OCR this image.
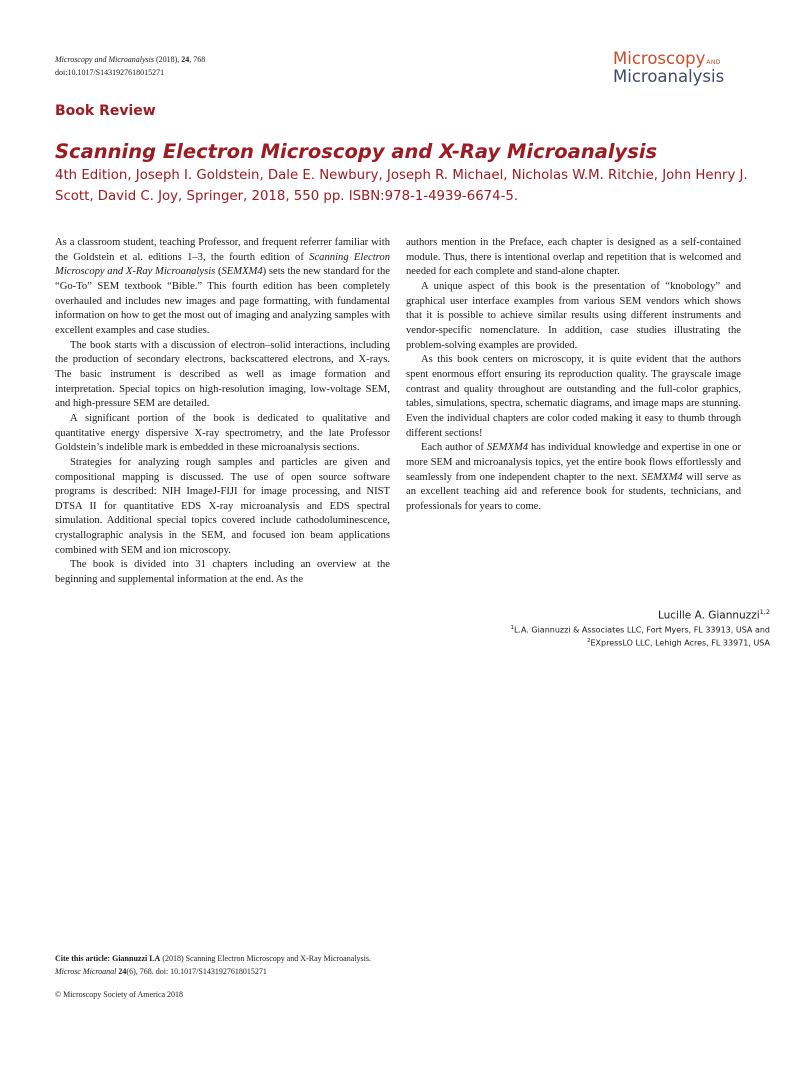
Microscopy and Microanalysis (2018), 24, 768
doi:10.1017/S1431927618015271
MicroscopyAND
Microanalysis
Book Review
Scanning Electron Microscopy and X-Ray Microanalysis
4th Edition, Joseph I. Goldstein, Dale E. Newbury, Joseph R. Michael, Nicholas W.M. Ritchie, John Henry J. Scott, David C. Joy, Springer, 2018, 550 pp. ISBN:978-1-4939-6674-5.

As a classroom student, teaching Professor, and frequent referrer familiar with the Goldstein et al. editions 1–3, the fourth edition of Scanning Electron Microscopy and X-Ray Microanalysis (SEMXM4) sets the new standard for the “Go-To” SEM textbook “Bible.” This fourth edition has been completely overhauled and includes new images and page formatting, with fundamental information on how to get the most out of imaging and analyzing samples with excellent examples and case studies.

The book starts with a discussion of electron–solid interactions, including the production of secondary electrons, backscattered electrons, and X-rays. The basic instrument is described as well as image formation and interpretation. Special topics on high-resolution imaging, low-voltage SEM, and high-pressure SEM are detailed.

A significant portion of the book is dedicated to qualitative and quantitative energy dispersive X-ray spectrometry, and the late Professor Goldstein’s indelible mark is embedded in these microanalysis sections.

Strategies for analyzing rough samples and particles are given and compositional mapping is discussed. The use of open source software programs is described: NIH ImageJ-FIJI for image processing, and NIST DTSA II for quantitative EDS X-ray microanalysis and EDS spectral simulation. Additional special topics covered include cathodoluminescence, crystallographic analysis in the SEM, and focused ion beam applications combined with SEM and ion microscopy.

The book is divided into 31 chapters including an overview at the beginning and supplemental information at the end. As the

authors mention in the Preface, each chapter is designed as a self-contained module. Thus, there is intentional overlap and repetition that is welcomed and needed for each complete and stand-alone chapter.

A unique aspect of this book is the presentation of “knobology” and graphical user interface examples from various SEM vendors which shows that it is possible to achieve similar results using different instruments and vendor-specific nomenclature. In addition, case studies illustrating the problem-solving examples are provided.

As this book centers on microscopy, it is quite evident that the authors spent enormous effort ensuring its reproduction quality. The grayscale image contrast and quality throughout are outstanding and the full-color graphics, tables, simulations, spectra, schematic diagrams, and image maps are stunning. Even the individual chapters are color coded making it easy to thumb through different sections!

Each author of SEMXM4 has individual knowledge and expertise in one or more SEM and microanalysis topics, yet the entire book flows effortlessly and seamlessly from one independent chapter to the next. SEMXM4 will serve as an excellent teaching aid and reference book for students, technicians, and professionals for years to come.

Lucille A. Giannuzzi$^{1,2}$
$^1$L.A. Giannuzzi & Associates LLC, Fort Myers, FL 33913, USA and
$^2$EXpressLO LLC, Lehigh Acres, FL 33971, USA
Cite this article: Giannuzzi LA (2018) Scanning Electron Microscopy and X-Ray Microanalysis. Microsc Microanal 24(6), 768. doi: 10.1017/S1431927618015271
© Microscopy Society of America 2018
